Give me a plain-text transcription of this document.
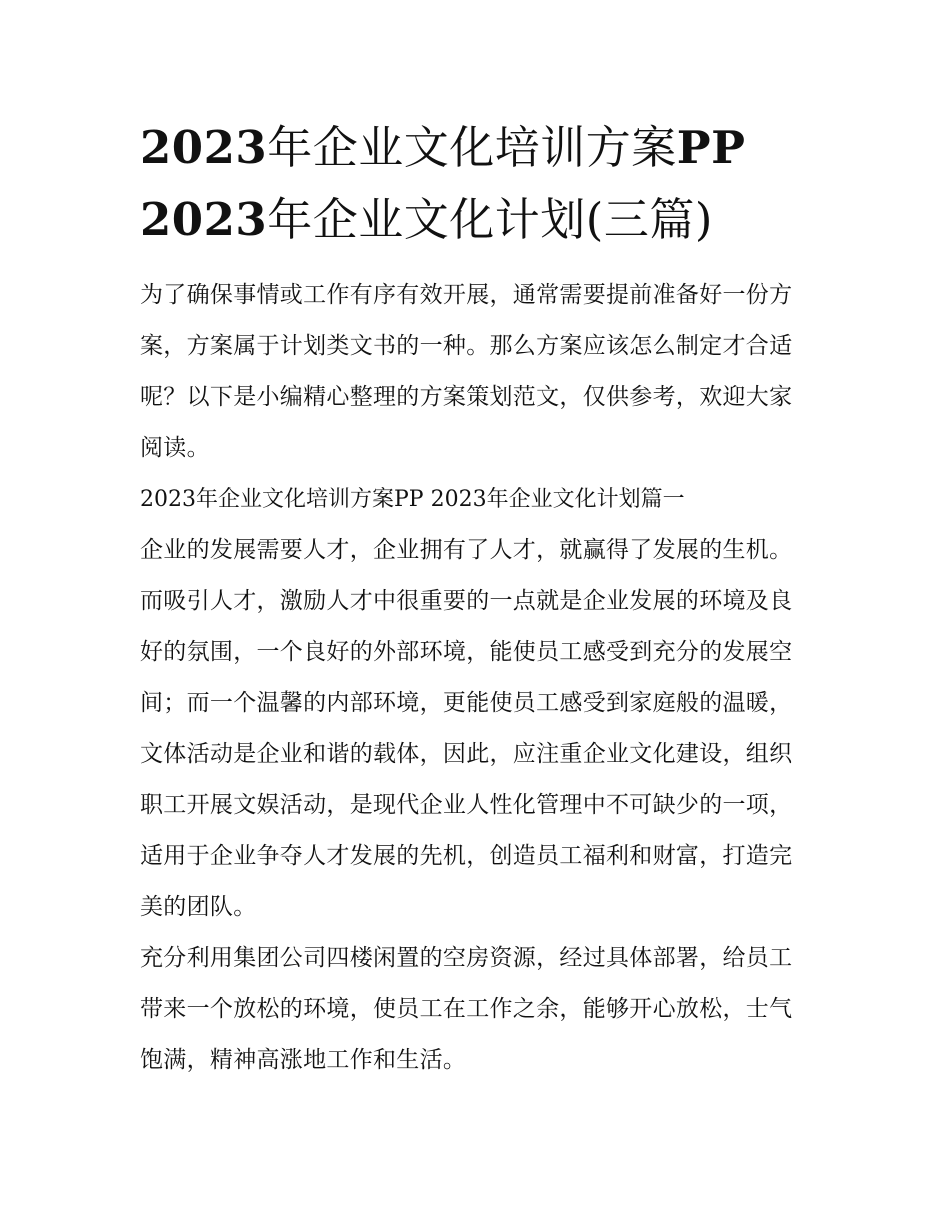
2023年企业文化培训方案PP
2023年企业文化计划(三篇)

为了确保事情或工作有序有效开展，通常需要提前准备好一份方案，方案属于计划类文书的一种。那么方案应该怎么制定才合适呢？以下是小编精心整理的方案策划范文，仅供参考，欢迎大家阅读。

2023年企业文化培训方案PP 2023年企业文化计划篇一

企业的发展需要人才，企业拥有了人才，就赢得了发展的生机。而吸引人才，激励人才中很重要的一点就是企业发展的环境及良好的氛围，一个良好的外部环境，能使员工感受到充分的发展空间；而一个温馨的内部环境，更能使员工感受到家庭般的温暖，文体活动是企业和谐的载体，因此，应注重企业文化建设，组织职工开展文娱活动，是现代企业人性化管理中不可缺少的一项，适用于企业争夺人才发展的先机，创造员工福利和财富，打造完美的团队。

充分利用集团公司四楼闲置的空房资源，经过具体部署，给员工带来一个放松的环境，使员工在工作之余，能够开心放松，士气饱满，精神高涨地工作和生活。
